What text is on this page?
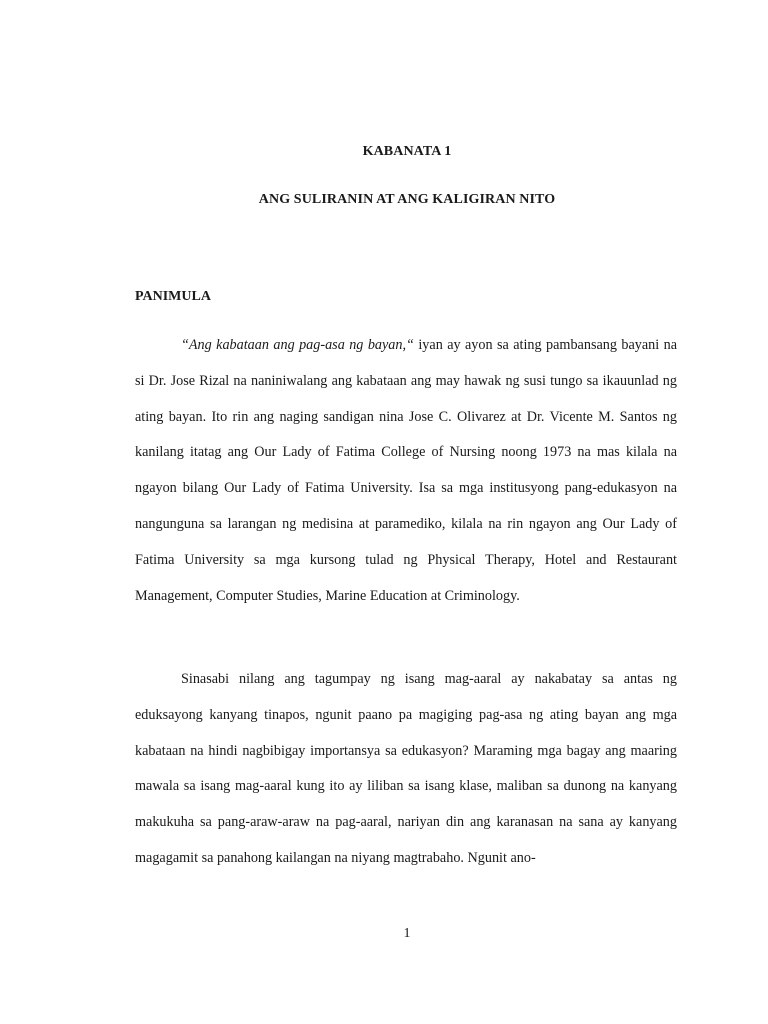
KABANATA 1
ANG SULIRANIN AT ANG KALIGIRAN NITO
PANIMULA

“Ang kabataan ang pag-asa ng bayan,“ iyan ay ayon sa ating pambansang bayani na si Dr. Jose Rizal na naniniwalang ang kabataan ang may hawak ng susi tungo sa ikauunlad ng ating bayan. Ito rin ang naging sandigan nina Jose C. Olivarez at Dr. Vicente M. Santos ng kanilang itatag ang Our Lady of Fatima College of Nursing noong 1973 na mas kilala na ngayon bilang Our Lady of Fatima University. Isa sa mga institusyong pang-edukasyon na nangunguna sa larangan ng medisina at paramediko, kilala na rin ngayon ang Our Lady of Fatima University sa mga kursong tulad ng Physical Therapy, Hotel and Restaurant Management, Computer Studies, Marine Education at Criminology.

Sinasabi nilang ang tagumpay ng isang mag-aaral ay nakabatay sa antas ng eduksayong kanyang tinapos, ngunit paano pa magiging pag-asa ng ating bayan ang mga kabataan na hindi nagbibigay importansya sa edukasyon? Maraming mga bagay ang maaring mawala sa isang mag-aaral kung ito ay liliban sa isang klase, maliban sa dunong na kanyang makukuha sa pang-araw-araw na pag-aaral, nariyan din ang karanasan na sana ay kanyang magagamit sa panahong kailangan na niyang magtrabaho. Ngunit ano-

1
